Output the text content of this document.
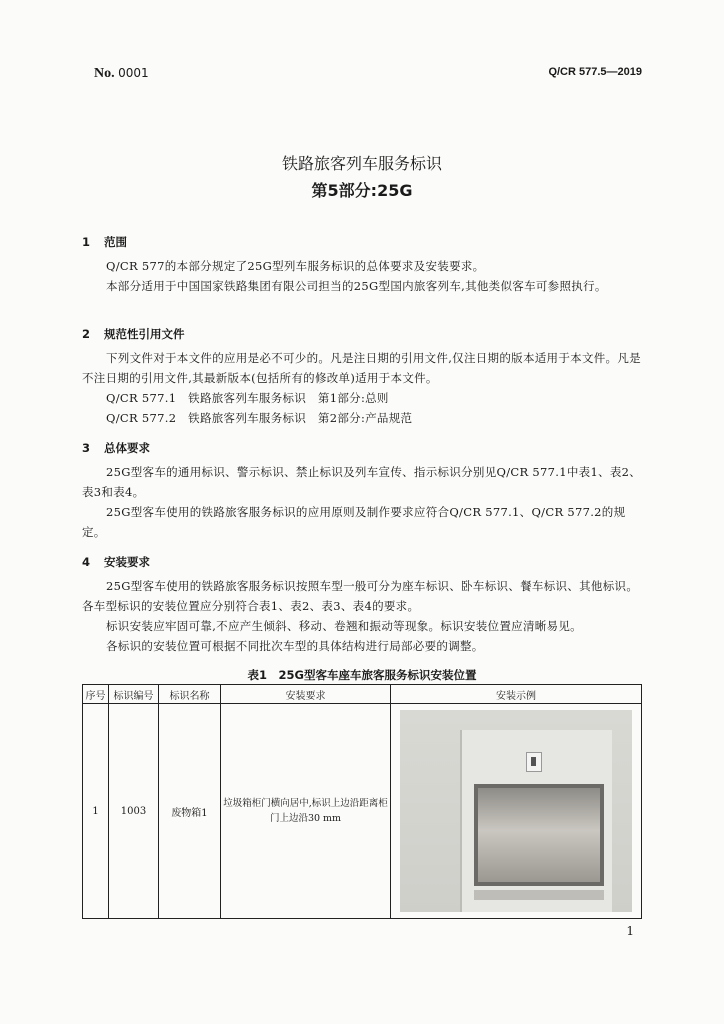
No. 0001	Q/CR 577.5—2019
铁路旅客列车服务标识
第5部分:25G
1 范围
Q/CR 577的本部分规定了25G型列车服务标识的总体要求及安装要求。
本部分适用于中国国家铁路集团有限公司担当的25G型国内旅客列车,其他类似客车可参照执行。
2 规范性引用文件
下列文件对于本文件的应用是必不可少的。凡是注日期的引用文件,仅注日期的版本适用于本文件。凡是不注日期的引用文件,其最新版本(包括所有的修改单)适用于本文件。
Q/CR 577.1　铁路旅客列车服务标识　第1部分:总则
Q/CR 577.2　铁路旅客列车服务标识　第2部分:产品规范
3 总体要求
25G型客车的通用标识、警示标识、禁止标识及列车宣传、指示标识分别见Q/CR 577.1中表1、表2、表3和表4。
25G型客车使用的铁路旅客服务标识的应用原则及制作要求应符合Q/CR 577.1、Q/CR 577.2的规定。
4 安装要求
25G型客车使用的铁路旅客服务标识按照车型一般可分为座车标识、卧车标识、餐车标识、其他标识。各车型标识的安装位置应分别符合表1、表2、表3、表4的要求。
标识安装应牢固可靠,不应产生倾斜、移动、卷翘和振动等现象。标识安装位置应清晰易见。
各标识的安装位置可根据不同批次车型的具体结构进行局部必要的调整。
表1　25G型客车座车旅客服务标识安装位置
序号	标识编号	标识名称	安装要求	安装示例
1	1003	废物箱1	垃圾箱柜门横向居中,标识上边沿距离柜门上边沿30 mm	
1
